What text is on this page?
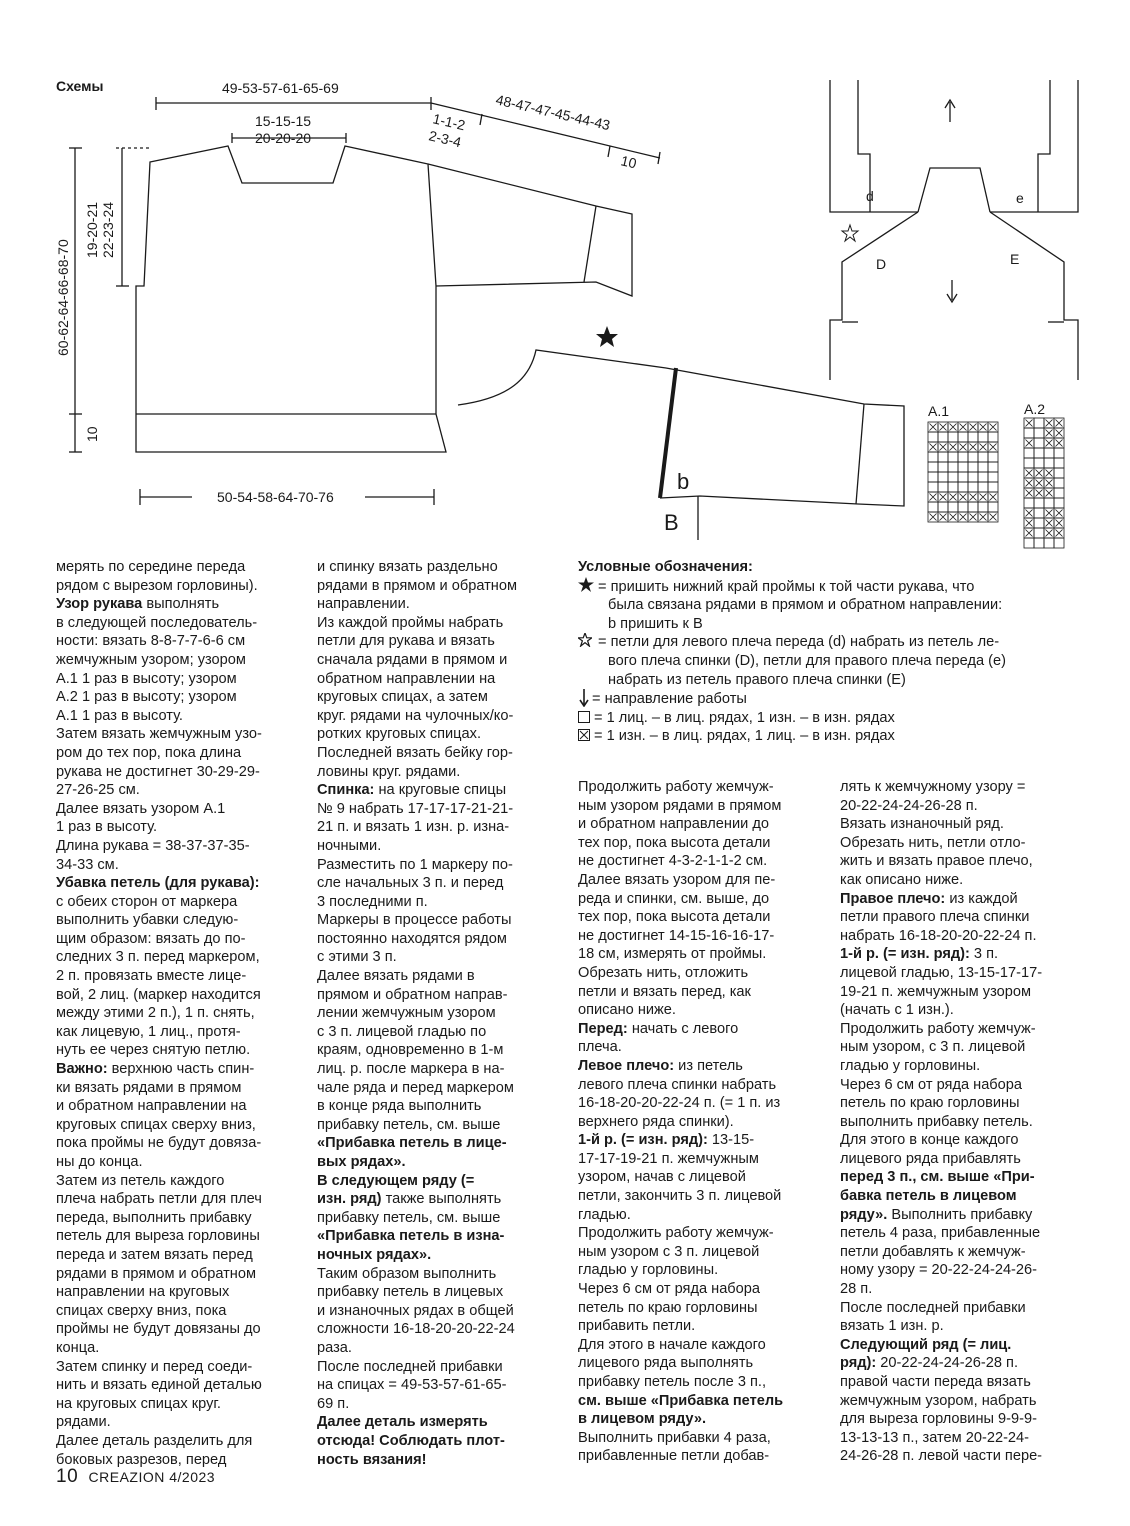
Схемы	49-53-57-61-65-69
15-15-15
20-20-20
1-1-2
2-3-4
48-47-47-45-44-43
10
60-62-64-66-68-70
19-20-21 22-23-24
10
50-54-58-64-70-76
b
B
d	e
D	E
A.1	A.2
Условные обозначения:
= пришить нижний край проймы к той части рукава, что
была связана рядами в прямом и обратном направлении:
b пришить к B
= петли для левого плеча переда (d) набрать из петель ле-
вого плеча спинки (D), петли для правого плеча переда (e)
набрать из петель правого плеча спинки (E)
= направление работы
= 1 лиц. – в лиц. рядах, 1 изн. – в изн. рядах
= 1 изн. – в лиц. рядах, 1 лиц. – в изн. рядах

мерять по середине переда

рядом с вырезом горловины).

Узор рукава выполнять

в следующей последователь-

ности: вязать 8-8-7-7-6-6 см

жемчужным узором; узором

A.1 1 раз в высоту; узором

A.2 1 раз в высоту; узором

A.1 1 раз в высоту.

Затем вязать жемчужным узо-

ром до тех пор, пока длина

рукава не достигнет 30-29-29-

27-26-25 см.

Далее вязать узором A.1

1 раз в высоту.

Длина рукава = 38-37-37-35-

34-33 см.

Убавка петель (для рукава):

с обеих сторон от маркера

выполнить убавки следую-

щим образом: вязать до по-

следних 3 п. перед маркером,

2 п. провязать вместе лице-

вой, 2 лиц. (маркер находится

между этими 2 п.), 1 п. снять,

как лицевую, 1 лиц., протя-

нуть ее через снятую петлю.

Важно: верхнюю часть спин-

ки вязать рядами в прямом

и обратном направлении на

круговых спицах сверху вниз,

пока проймы не будут довяза-

ны до конца.

Затем из петель каждого

плеча набрать петли для плеч

переда, выполнить прибавку

петель для выреза горловины

переда и затем вязать перед

рядами в прямом и обратном

направлении на круговых

спицах сверху вниз, пока

проймы не будут довязаны до

конца.

Затем спинку и перед соеди-

нить и вязать единой деталью

на круговых спицах круг.

рядами.

Далее деталь разделить для

боковых разрезов, перед

и спинку вязать раздельно

рядами в прямом и обратном

направлении.

Из каждой проймы набрать

петли для рукава и вязать

сначала рядами в прямом и

обратном направлении на

круговых спицах, а затем

круг. рядами на чулочных/ко-

ротких круговых спицах.

Последней вязать бейку гор-

ловины круг. рядами.

Спинка: на круговые спицы

№ 9 набрать 17-17-17-21-21-

21 п. и вязать 1 изн. р. изна-

ночными.

Разместить по 1 маркеру по-

сле начальных 3 п. и перед

3 последними п.

Маркеры в процессе работы

постоянно находятся рядом

с этими 3 п.

Далее вязать рядами в

прямом и обратном направ-

лении жемчужным узором

с 3 п. лицевой гладью по

краям, одновременно в 1-м

лиц. р. после маркера в на-

чале ряда и перед маркером

в конце ряда выполнить

прибавку петель, см. выше

«Прибавка петель в лице-

вых рядах».

В следующем ряду (=

изн. ряд) также выполнять

прибавку петель, см. выше

«Прибавка петель в изна-

ночных рядах».

Таким образом выполнить

прибавку петель в лицевых

и изнаночных рядах в общей

сложности 16-18-20-20-22-24

раза.

После последней прибавки

на спицах = 49-53-57-61-65-

69 п.

Далее деталь измерять

отсюда! Соблюдать плот-

ность вязания!

Продолжить работу жемчуж-

ным узором рядами в прямом

и обратном направлении до

тех пор, пока высота детали

не достигнет 4-3-2-1-1-2 см.

Далее вязать узором для пе-

реда и спинки, см. выше, до

тех пор, пока высота детали

не достигнет 14-15-16-16-17-

18 см, измерять от проймы.

Обрезать нить, отложить

петли и вязать перед, как

описано ниже.

Перед: начать с левого

плеча.

Левое плечо: из петель

левого плеча спинки набрать

16-18-20-20-22-24 п. (= 1 п. из

верхнего ряда спинки).

1-й р. (= изн. ряд): 13-15-

17-17-19-21 п. жемчужным

узором, начав с лицевой

петли, закончить 3 п. лицевой

гладью.

Продолжить работу жемчуж-

ным узором с 3 п. лицевой

гладью у горловины.

Через 6 см от ряда набора

петель по краю горловины

прибавить петли.

Для этого в начале каждого

лицевого ряда выполнять

прибавку петель после 3 п.,

см. выше «Прибавка петель

в лицевом ряду».

Выполнить прибавки 4 раза,

прибавленные петли добав-

лять к жемчужному узору =

20-22-24-24-26-28 п.

Вязать изнаночный ряд.

Обрезать нить, петли отло-

жить и вязать правое плечо,

как описано ниже.

Правое плечо: из каждой

петли правого плеча спинки

набрать 16-18-20-20-22-24 п.

1-й р. (= изн. ряд): 3 п.

лицевой гладью, 13-15-17-17-

19-21 п. жемчужным узором

(начать с 1 изн.).

Продолжить работу жемчуж-

ным узором, с 3 п. лицевой

гладью у горловины.

Через 6 см от ряда набора

петель по краю горловины

выполнить прибавку петель.

Для этого в конце каждого

лицевого ряда прибавлять

перед 3 п., см. выше «При-

бавка петель в лицевом

ряду». Выполнить прибавку

петель 4 раза, прибавленные

петли добавлять к жемчуж-

ному узору = 20-22-24-24-26-

28 п.

После последней прибавки

вязать 1 изн. р.

Следующий ряд (= лиц.

ряд): 20-22-24-24-26-28 п.

правой части переда вязать

жемчужным узором, набрать

для выреза горловины 9-9-9-

13-13-13 п., затем 20-22-24-

24-26-28 п. левой части пере-

10 CREAZION 4/2023
